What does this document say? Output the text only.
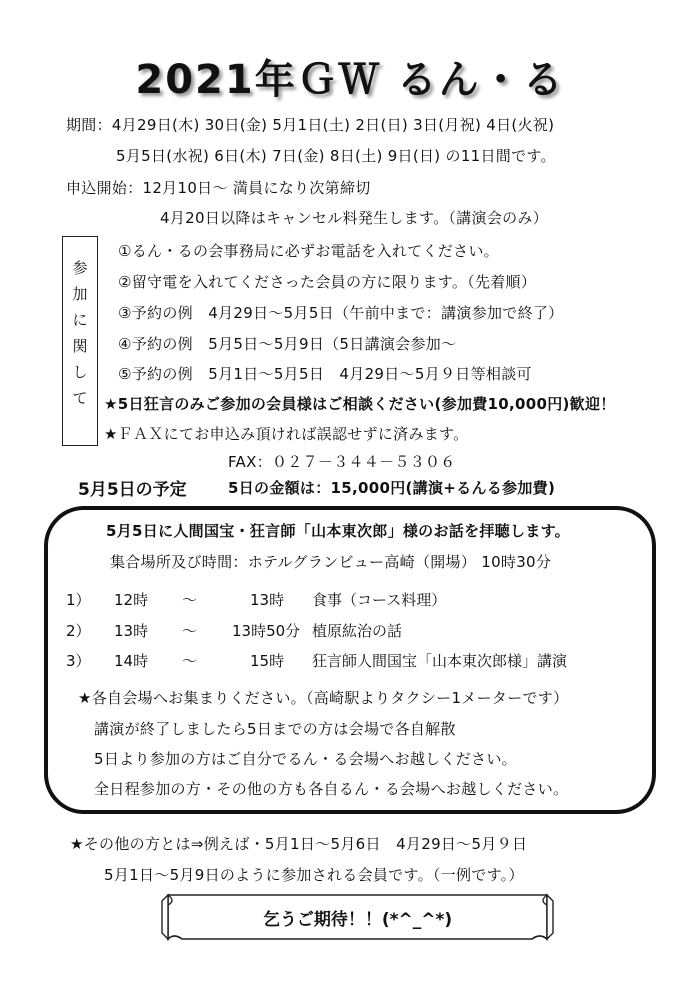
2021年ＧＷ るん・る
期間：4月29日(木) 30日(金) 5月1日(土) 2日(日) 3日(月祝) 4日(火祝)
5月5日(水祝) 6日(木) 7日(金) 8日(土) 9日(日) の11日間です。
申込開始：12月10日～ 満員になり次第締切
4月20日以降はキャンセル料発生します。（講演会のみ）
参
加
に
関
し
て
①るん・るの会事務局に必ずお電話を入れてください。
②留守電を入れてくださった会員の方に限ります。（先着順）
③予約の例　4月29日～5月5日（午前中まで：講演参加で終了）
④予約の例　5月5日～5月9日（5日講演会参加～
⑤予約の例　5月1日～5月5日　4月29日～5月９日等相談可
★5日狂言のみご参加の会員様はご相談ください(参加費10,000円)歓迎！
★ＦＡＸにてお申込み頂ければ誤認せずに済みます。
FAX：０２７－３４４－５３０６
5月5日の予定	5日の金額は：15,000円(講演+るんる参加費)
5月5日に人間国宝・狂言師「山本東次郎」様のお話を拝聴します。
集合場所及び時間：ホテルグランビュー高崎（開場） 10時30分
1） 12時 ～	13時 食事（コース料理）
2） 13時 ～ 13時50分 植原紘治の話
3） 14時 ～	15時 狂言師人間国宝「山本東次郎様」講演
★各自会場へお集まりください。（高崎駅よりタクシー1メーターです）
講演が終了しましたら5日までの方は会場で各自解散
5日より参加の方はご自分でるん・る会場へお越しください。
全日程参加の方・その他の方も各自るん・る会場へお越しください。
★その他の方とは⇒例えば・5月1日～5月6日　4月29日～5月９日
5月1日～5月9日のように参加される会員です。（一例です。）
乞うご期待！！(*^_^*)
